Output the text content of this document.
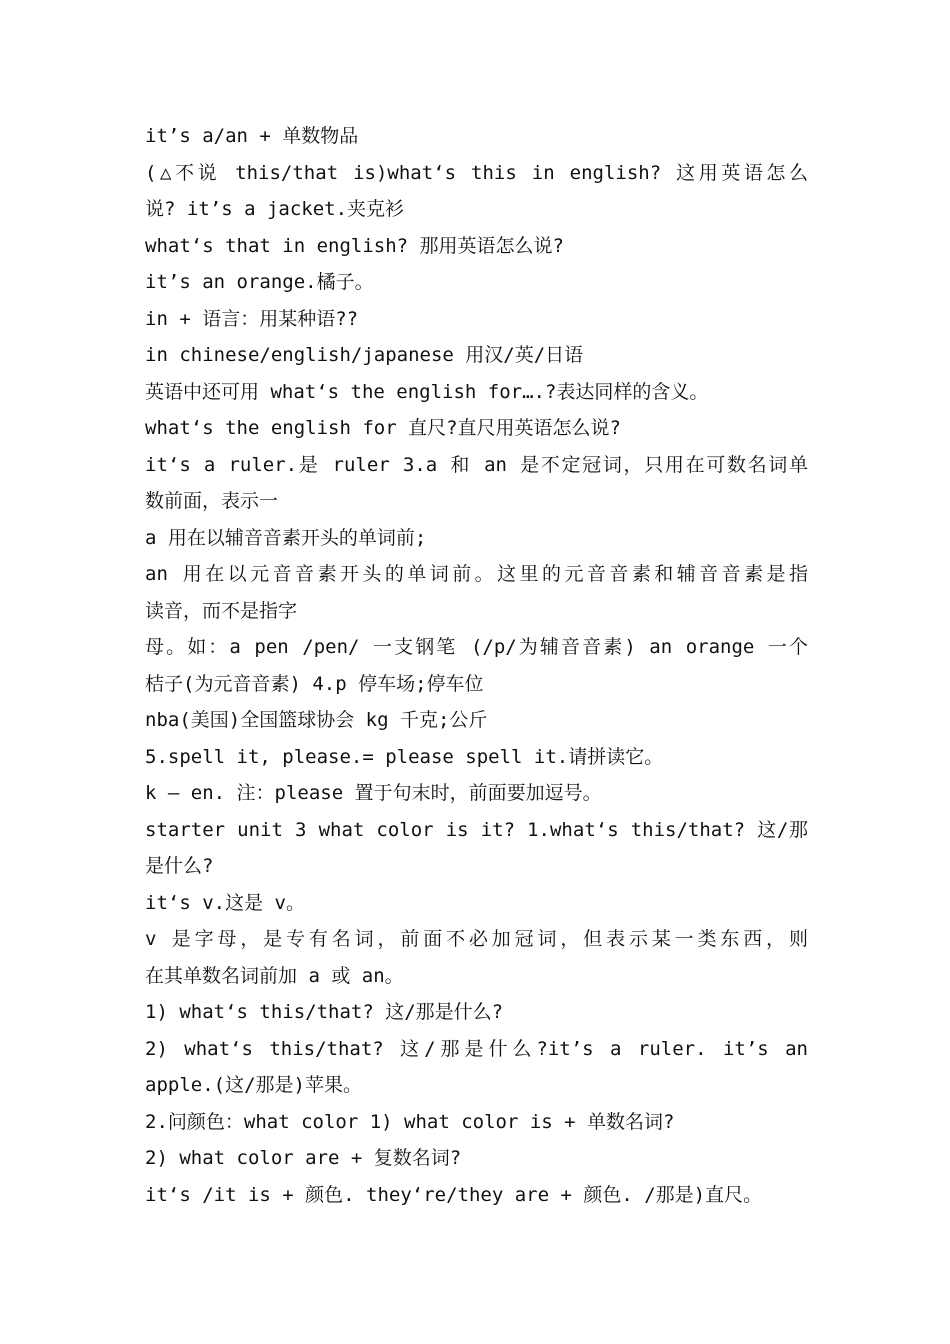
it’s a/an + 单数物品
(△不说 this/that is)what‘s this in english? 这用英语怎么
说? it’s a jacket.夹克衫
what‘s that in english? 那用英语怎么说?
it’s an orange.橘子。
in + 语言：用某种语??
in chinese/english/japanese 用汉/英/日语
英语中还可用 what‘s the english for….?表达同样的含义。
what‘s the english for 直尺?直尺用英语怎么说?
it‘s a ruler.是 ruler 3.a 和 an 是不定冠词，只用在可数名词单
数前面，表示一
a 用在以辅音音素开头的单词前;
an 用在以元音音素开头的单词前。这里的元音音素和辅音音素是指
读音，而不是指字
母。如：a pen /pen/ 一支钢笔 (/p/为辅音音素) an orange 一个
桔子(为元音音素) 4.p 停车场;停车位
nba(美国)全国篮球协会 kg 千克;公斤
5.spell it, please.= please spell it.请拼读它。
k – en. 注：please 置于句末时，前面要加逗号。
starter unit 3 what color is it? 1.what‘s this/that? 这/那
是什么?
it‘s v.这是 v。
v 是字母，是专有名词，前面不必加冠词，但表示某一类东西，则
在其单数名词前加 a 或 an。
1) what‘s this/that? 这/那是什么?
2) what‘s this/that? 这/那是什么?it’s a ruler. it’s an
apple.(这/那是)苹果。
2.问颜色：what color 1) what color is + 单数名词?
2) what color are + 复数名词?
it‘s /it is + 颜色. they‘re/they are + 颜色. /那是)直尺。
